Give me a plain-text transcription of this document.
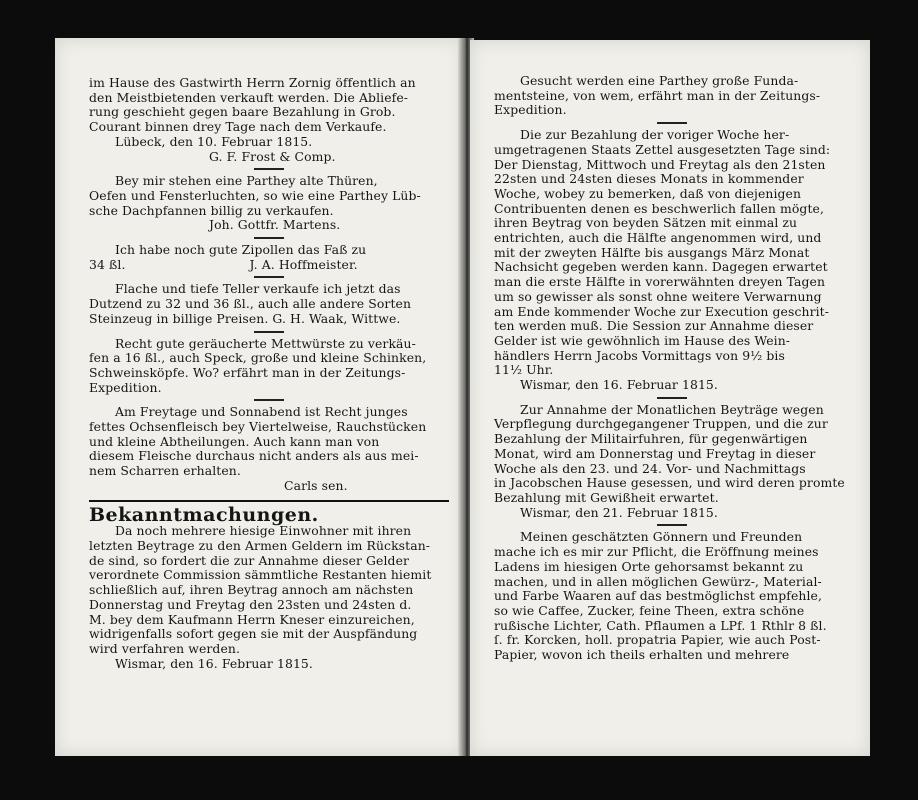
im Hause des Gastwirth Herrn Zornig öffentlich an

den Meistbietenden verkauft werden. Die Abliefe-

rung geschieht gegen baare Bezahlung in Grob.

Courant binnen drey Tage nach dem Verkaufe.

Lübeck, den 10. Februar 1815.

G. F. Frost & Comp.

Bey mir stehen eine Parthey alte Thüren,

Oefen und Fensterluchten, so wie eine Parthey Lüb-

sche Dachpfannen billig zu verkaufen.

Joh. Gottfr. Martens.

Ich habe noch gute Zipollen das Faß zu

34 ßl.	J. A. Hoffmeister.

Flache und tiefe Teller verkaufe ich jetzt das

Dutzend zu 32 und 36 ßl., auch alle andere Sorten

Steinzeug in billige Preisen. G. H. Waak, Wittwe.

Recht gute geräucherte Mettwürste zu verkäu-

fen a 16 ßl., auch Speck, große und kleine Schinken,

Schweinsköpfe. Wo? erfährt man in der Zeitungs-

Expedition.

Am Freytage und Sonnabend ist Recht junges

fettes Ochsenfleisch bey Viertelweise, Rauchstücken

und kleine Abtheilungen. Auch kann man von

diesem Fleische durchaus nicht anders als aus mei-

nem Scharren erhalten.

Carls sen.

Bekanntmachungen.

Da noch mehrere hiesige Einwohner mit ihren

letzten Beytrage zu den Armen Geldern im Rückstan-

de sind, so fordert die zur Annahme dieser Gelder

verordnete Commission sämmtliche Restanten hiemit

schließlich auf, ihren Beytrag annoch am nächsten

Donnerstag und Freytag den 23sten und 24sten d.

M. bey dem Kaufmann Herrn Kneser einzureichen,

widrigenfalls sofort gegen sie mit der Auspfändung

wird verfahren werden.

Wismar, den 16. Februar 1815.

Gesucht werden eine Parthey große Funda-

mentsteine, von wem, erfährt man in der Zeitungs-

Expedition.

Die zur Bezahlung der voriger Woche her-

umgetragenen Staats Zettel ausgesetzten Tage sind:

Der Dienstag, Mittwoch und Freytag als den 21sten

22sten und 24sten dieses Monats in kommender

Woche, wobey zu bemerken, daß von diejenigen

Contribuenten denen es beschwerlich fallen mögte,

ihren Beytrag von beyden Sätzen mit einmal zu

entrichten, auch die Hälfte angenommen wird, und

mit der zweyten Hälfte bis ausgangs März Monat

Nachsicht gegeben werden kann. Dagegen erwartet

man die erste Hälfte in vorerwähnten dreyen Tagen

um so gewisser als sonst ohne weitere Verwarnung

am Ende kommender Woche zur Execution geschrit-

ten werden muß. Die Session zur Annahme dieser

Gelder ist wie gewöhnlich im Hause des Wein-

händlers Herrn Jacobs Vormittags von 9½ bis

11½ Uhr.

Wismar, den 16. Februar 1815.

Zur Annahme der Monatlichen Beyträge wegen

Verpflegung durchgegangener Truppen, und die zur

Bezahlung der Militairfuhren, für gegenwärtigen

Monat, wird am Donnerstag und Freytag in dieser

Woche als den 23. und 24. Vor- und Nachmittags

in Jacobschen Hause gesessen, und wird deren promte

Bezahlung mit Gewißheit erwartet.

Wismar, den 21. Februar 1815.

Meinen geschätzten Gönnern und Freunden

mache ich es mir zur Pflicht, die Eröffnung meines

Ladens im hiesigen Orte gehorsamst bekannt zu

machen, und in allen möglichen Gewürz-, Material-

und Farbe Waaren auf das bestmöglichst empfehle,

so wie Caffee, Zucker, feine Theen, extra schöne

rußische Lichter, Cath. Pflaumen a LPf. 1 Rthlr 8 ßl.

ſ. fr. Korcken, holl. propatria Papier, wie auch Post-

Papier, wovon ich theils erhalten und mehrere
